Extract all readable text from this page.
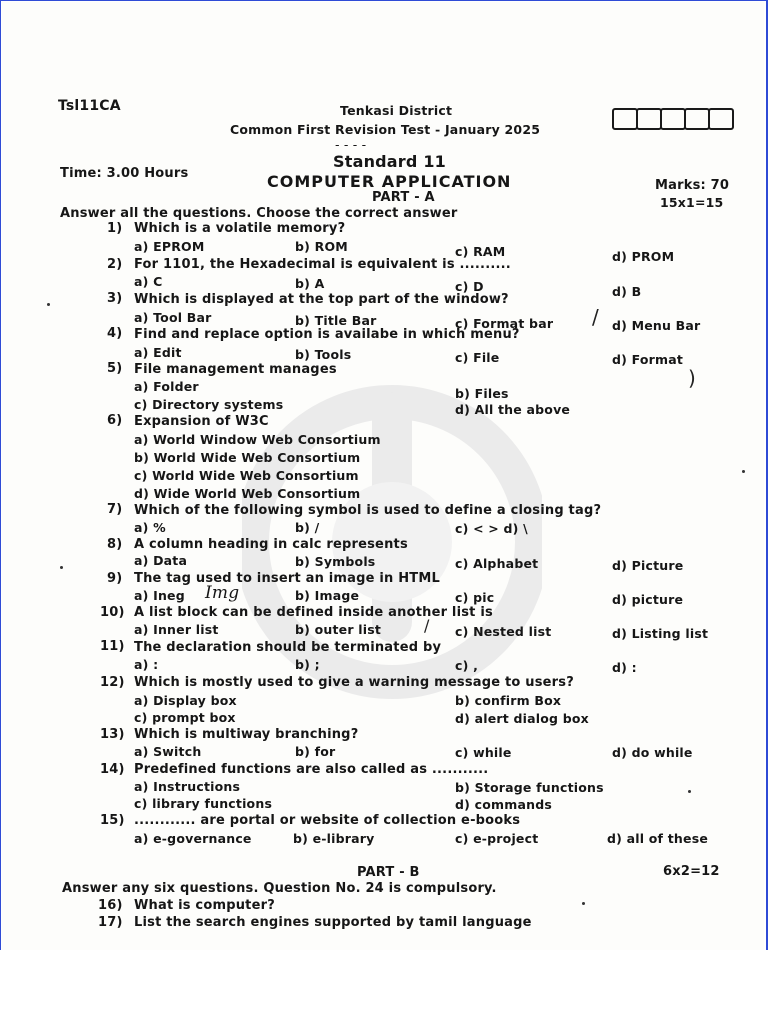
Tsl11CA	Tenkasi District
Common First Revision Test - January 2025
- - - -
Standard 11
Time: 3.00 Hours	COMPUTER APPLICATION
PART - A
Marks: 70
15x1=15
Answer all the questions. Choose the correct answer
1) Which is a volatile memory?
a) EPROM	b) ROM	c) RAM	d) PROM
2) For 1101, the Hexadecimal is equivalent is ..........
a) C	b) A	c) D	d) B
3) Which is displayed at the top part of the window?
a) Tool Bar	b) Title Bar	c) Format bar / d) Menu Bar
4) Find and replace option is availabe in which menu?
a) Edit	b) Tools	c) File	d) Format
)
5) File management manages
a) Folder	b) Files
c) Directory systems	d) All the above
6) Expansion of W3C
a) World Window Web Consortium
b) World Wide Web Consortium
c) World Wide Web Consortium
d) Wide World Web Consortium
7) Which of the following symbol is used to define a closing tag?
a) %	b) /	c) < > d) \
8) A column heading in calc represents
a) Data	b) Symbols	c) Alphabet	d) Picture
9) The tag used to insert an image in HTML
a) Ineg Img	b) Image	c) pic	d) picture
10) A list block can be defined inside another list is
a) Inner list	b) outer list	/ c) Nested list	d) Listing list
11) The declaration should be terminated by
a) :	b) ;	c) ,	d) :
12) Which is mostly used to give a warning message to users?
a) Display box	b) confirm Box
c) prompt box	d) alert dialog box
13) Which is multiway branching?
a) Switch	b) for	c) while	d) do while
14) Predefined functions are also called as ...........
a) Instructions	b) Storage functions
c) library functions	d) commands
15) ............ are portal or website of collection e-books
a) e-governance	b) e-library	c) e-project	d) all of these
PART - B	6x2=12
Answer any six questions. Question No. 24 is compulsory.
16) What is computer?
17) List the search engines supported by tamil language
